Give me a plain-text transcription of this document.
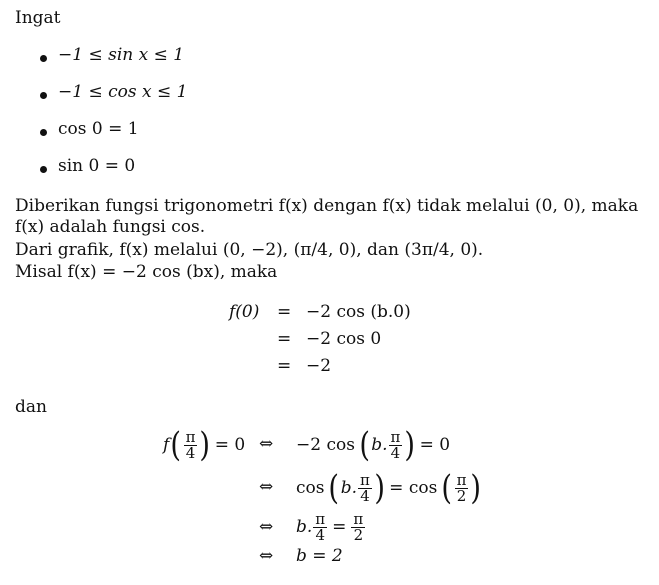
Ingat
−1 ≤ sin x ≤ 1
−1 ≤ cos x ≤ 1
cos 0 = 1
sin 0 = 0
Diberikan fungsi trigonometri f(x) dengan f(x) tidak melalui (0, 0), maka
f(x) adalah fungsi cos.
Dari grafik, f(x) melalui (0, −2), (π/4, 0), dan (3π/4, 0).
Misal f(x) = −2 cos (bx), maka
f(0) = −2 cos (b.0)
= −2 cos 0
= −2
dan
f ( $\frac{\pi}{4}$ ) = 0 ⇔ −2 cos ( b. $\frac{\pi}{4}$ ) = 0
⇔ cos ( b. $\frac{\pi}{4}$ ) = cos ( $\frac{\pi}{2}$ )
⇔ b. $\frac{\pi}{4} = \frac{\pi}{2}$
⇔ b = 2
